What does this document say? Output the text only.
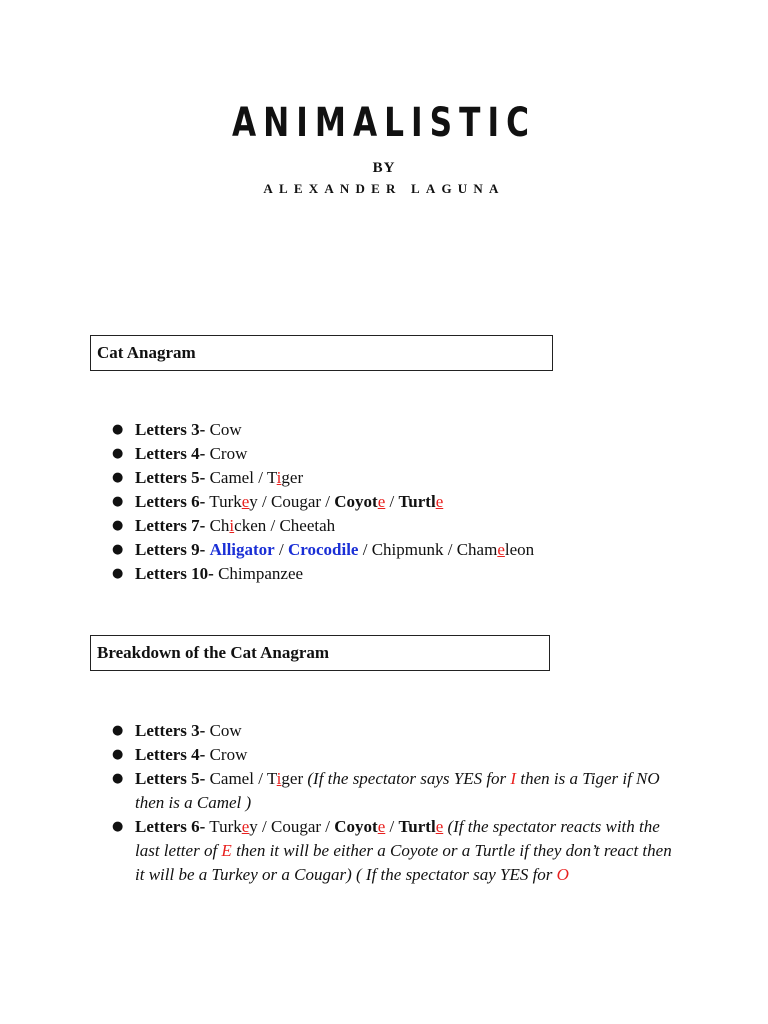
ANIMALISTIC
BY
ALEXANDER LAGUNA
Cat Anagram
● Letters 3- Cow
● Letters 4- Crow
● Letters 5- Camel / Tiger
● Letters 6- Turkey / Cougar / Coyote / Turtle
● Letters 7- Chicken / Cheetah
● Letters 9- Alligator / Crocodile / Chipmunk / Chameleon
● Letters 10- Chimpanzee
Breakdown of the Cat Anagram
● Letters 3- Cow
● Letters 4- Crow
● Letters 5- Camel / Tiger (If the spectator says YES for I then is a Tiger if NO then is a Camel )
● Letters 6- Turkey / Cougar / Coyote / Turtle (If the spectator reacts with the last letter of E then it will be either a Coyote or a Turtle if they don’t react then it will be a Turkey or a Cougar) ( If the spectator say YES for O
